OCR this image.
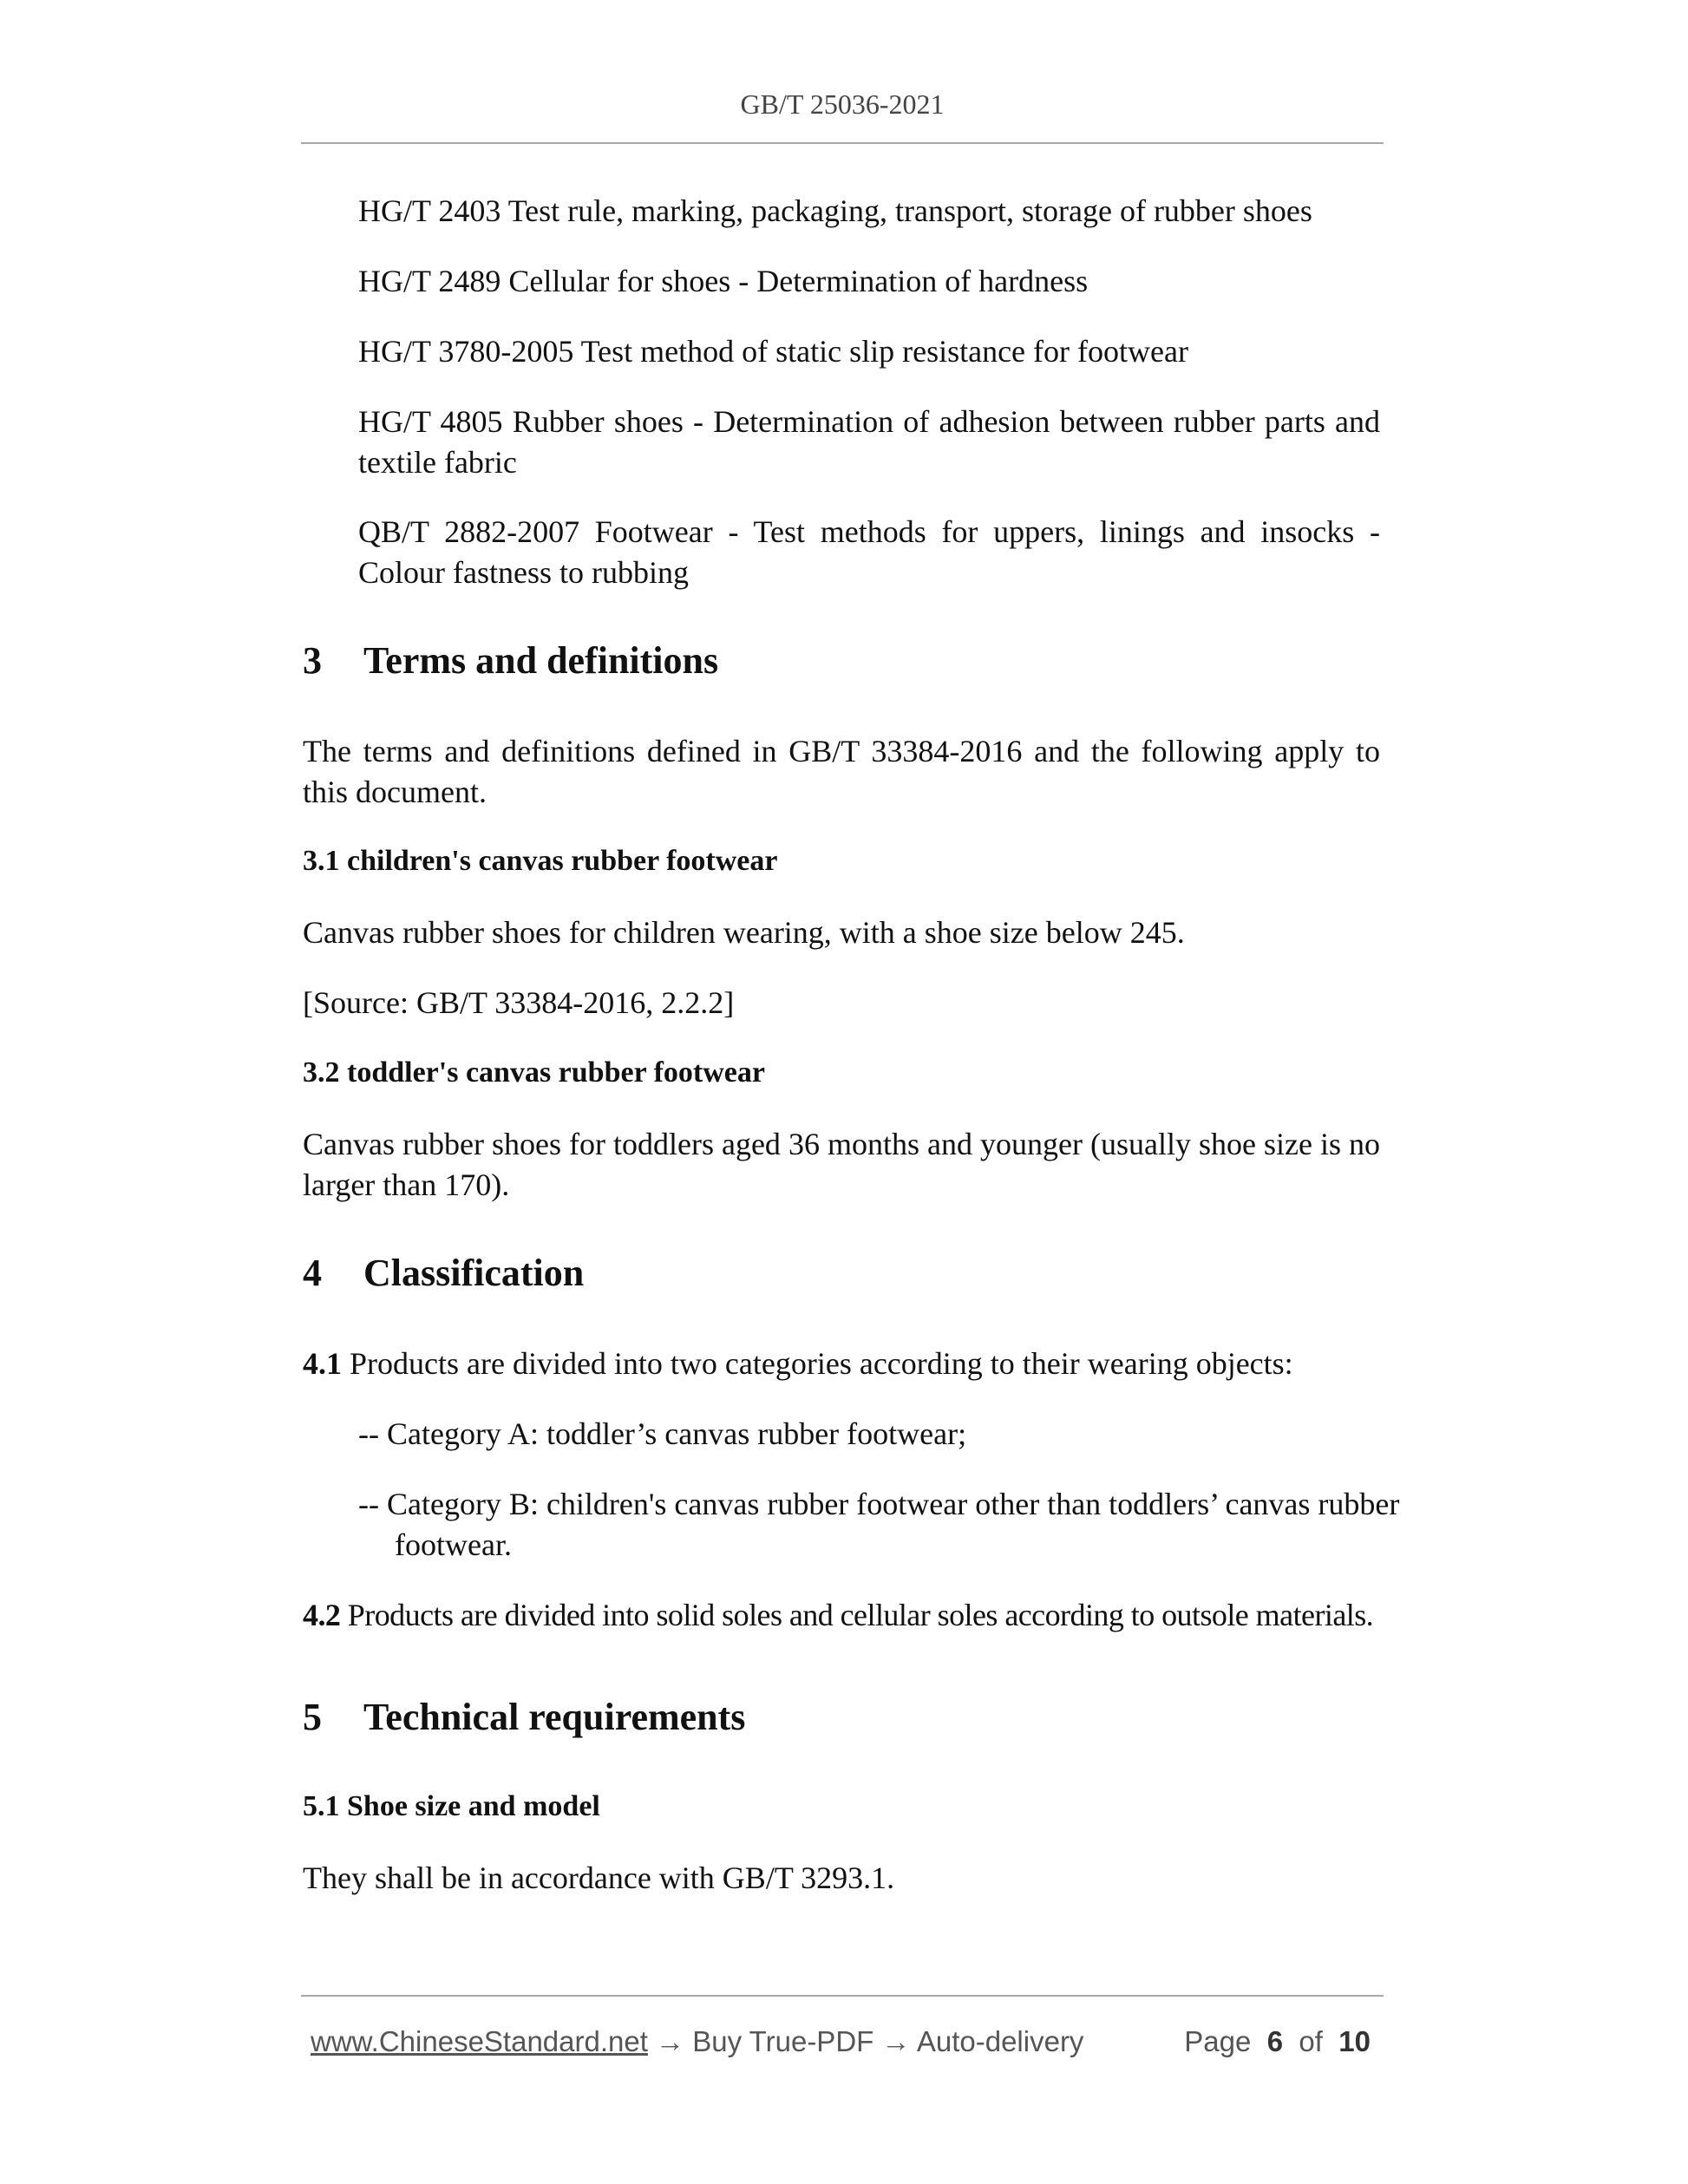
GB/T 25036-2021

HG/T 2403 Test rule, marking, packaging, transport, storage of rubber shoes

HG/T 2489 Cellular for shoes - Determination of hardness

HG/T 3780-2005 Test method of static slip resistance for footwear

HG/T 4805 Rubber shoes - Determination of adhesion between rubber parts and textile fabric

QB/T 2882-2007 Footwear - Test methods for uppers, linings and insocks - Colour fastness to rubbing

3 Terms and definitions

The terms and definitions defined in GB/T 33384-2016 and the following apply to this document.

3.1 children's canvas rubber footwear

Canvas rubber shoes for children wearing, with a shoe size below 245.

[Source: GB/T 33384-2016, 2.2.2]

3.2 toddler's canvas rubber footwear

Canvas rubber shoes for toddlers aged 36 months and younger (usually shoe size is no larger than 170).

4 Classification

4.1 Products are divided into two categories according to their wearing objects:

-- Category A: toddler’s canvas rubber footwear;

-- Category B: children's canvas rubber footwear other than toddlers’ canvas rubber

footwear.

4.2 Products are divided into solid soles and cellular soles according to outsole materials.

5 Technical requirements
5.1 Shoe size and model

They shall be in accordance with GB/T 3293.1.

www.ChineseStandard.net → Buy True-PDF → Auto-delivery	Page 6 of 10
